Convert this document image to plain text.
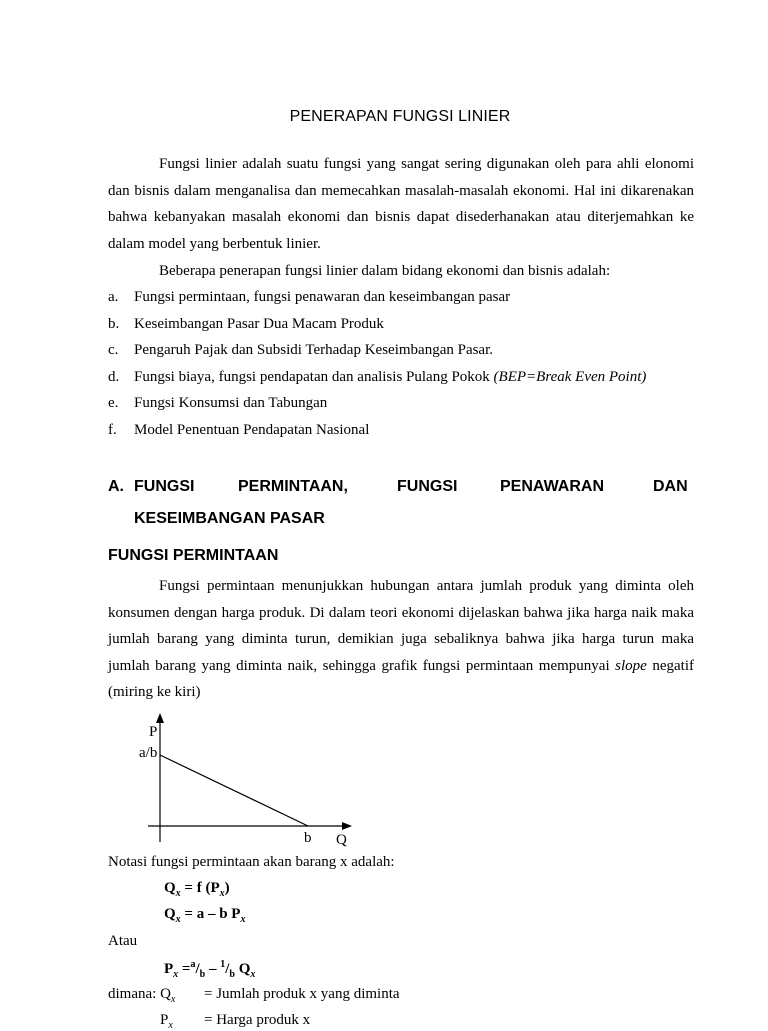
PENERAPAN FUNGSI LINIER
Fungsi linier adalah suatu fungsi yang sangat sering digunakan oleh para ahli elonomi dan bisnis dalam menganalisa dan memecahkan masalah-masalah ekonomi. Hal ini dikarenakan bahwa kebanyakan masalah ekonomi dan bisnis dapat disederhanakan atau diterjemahkan ke dalam model yang berbentuk linier.
Beberapa penerapan fungsi linier dalam bidang ekonomi dan bisnis adalah:
a. Fungsi permintaan, fungsi penawaran dan keseimbangan pasar
b. Keseimbangan Pasar Dua Macam Produk
c. Pengaruh Pajak dan Subsidi Terhadap Keseimbangan Pasar.
d. Fungsi biaya, fungsi pendapatan dan analisis Pulang Pokok (BEP=Break Even Point)
e. Fungsi Konsumsi dan Tabungan
f. Model Penentuan Pendapatan Nasional
A. FUNGSI	PERMINTAAN,	FUNGSI	PENAWARAN	DAN
KESEIMBANGAN PASAR
FUNGSI PERMINTAAN
Fungsi permintaan menunjukkan hubungan antara jumlah produk yang diminta oleh konsumen dengan harga produk. Di dalam teori ekonomi dijelaskan bahwa jika harga naik maka jumlah barang yang diminta turun, demikian juga sebaliknya bahwa jika harga turun maka jumlah barang yang diminta naik, sehingga grafik fungsi permintaan mempunyai slope negatif (miring ke kiri)
P
a/b
b Q
Notasi fungsi permintaan akan barang x adalah:
$Q_x = f$ $(P_x)$
$Q_x = a - b$ $P_x$
Atau
$P_x =^a/_b - ^1/_b$ $Q_x$
dimana: $Q_x$ = Jumlah produk x yang diminta
$P_x$ = Harga produk x
